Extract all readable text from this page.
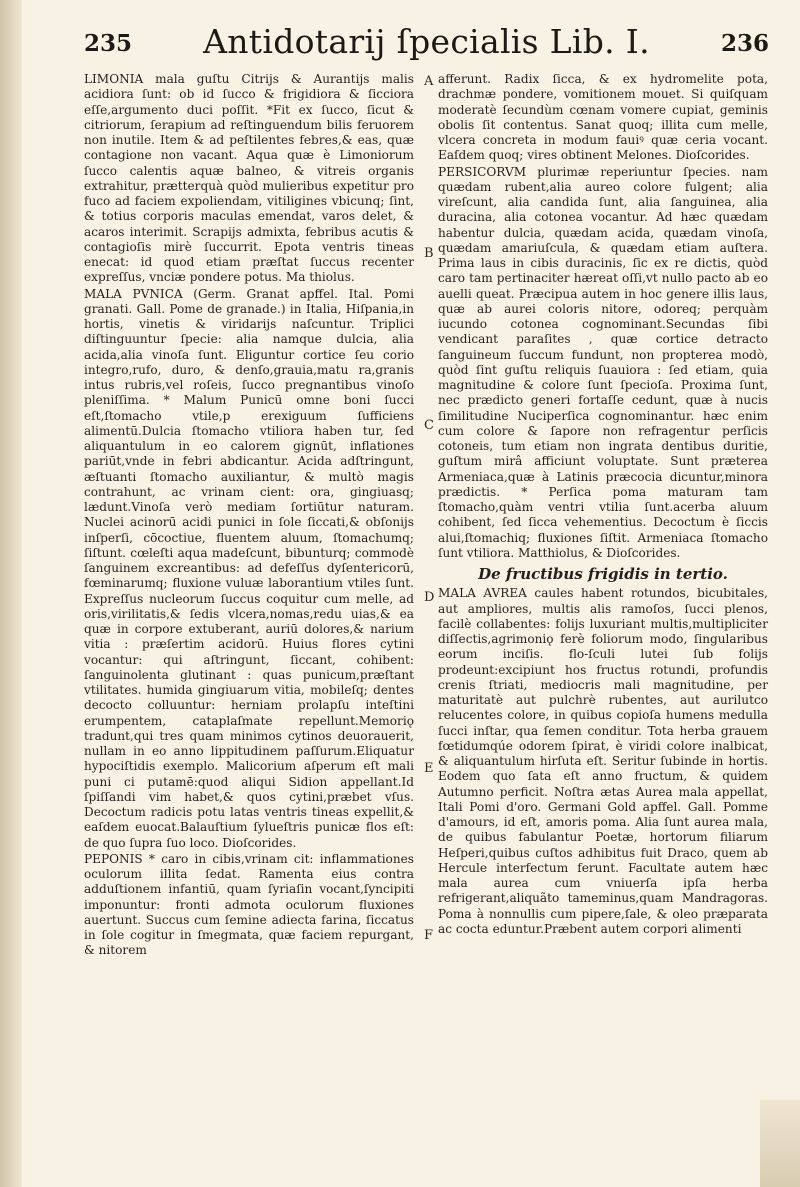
235	Antidotarij ſpecialis Lib. I.	236

LIMONIA mala guſtu Citrijs & Aurantijs malis acidiora ſunt: ob id ſucco & frigidiora & ſicciora eſſe,argumento duci poſſit. *Fit ex ſucco, ſicut & citriorum, ſerapium ad reſtinguendum bilis feruorem non inutile. Item & ad peſtilentes febres,& eas, quæ contagione non vacant. Aqua quæ è Limoniorum ſucco calentis aquæ balneo, & vitreis organis extrahitur, prætterquà quòd mulieribus expetitur pro fuco ad faciem expoliendam, vitiligines vbicunq; ſint, & totius corporis maculas emendat, varos delet, & acaros interimit. Scrapijs admixta, febribus acutis & contagioſis mirè ſuccurrit. Epota ventris tineas enecat: id quod etiam præſtat ſuccus recenter expreſſus, vnciæ pondere potus. Ma thiolus.

MALA PVNICA (Germ. Granat apffel. Ital. Pomi granati. Gall. Pome de granade.) in Italia, Hiſpania,in hortis, vinetis & viridarijs naſcuntur. Triplici diſtinguuntur ſpecie: alia namque dulcia, alia acida,alia vinoſa ſunt. Eliguntur cortice ſeu corio integro,rufo, duro, & denſo,grauia,matu ra,granis intus rubris,vel roſeis, ſucco pregnantibus vinoſo pleniſſima. * Malum Punicū omne boni ſucci eſt,ſtomacho vtile,p erexiguum ſufficiens alimentū.Dulcia ſtomacho vtiliora haben tur, ſed aliquantulum in eo calorem gignūt, inflationes pariūt,vnde in febri abdicantur. Acida adſtringunt, æſtuanti ſtomacho auxiliantur, & multò magis contrahunt, ac vrinam cient: ora, gingiuasq; lædunt.Vinoſa verò mediam ſortiūtur naturam. Nuclei acinorū acidi punici in ſole ſiccati,& obſonijs inſperſi, cōcoctiue, fluentem aluum, ſtomachumq; ſiſtunt. cœleſti aqua madeſcunt, bibunturq; commodè ſanguinem excreantibus: ad defeſſus dyſentericorū, fœminarumq; fluxione vuluæ laborantium vtiles ſunt. Expreſſus nucleorum ſuccus coquitur cum melle, ad oris,virilitatis,& ſedis vlcera,nomas,redu uias,& ea quæ in corpore extuberant, auriū dolores,& narium vitia : præſertim acidorū. Huius flores cytini vocantur: qui aſtringunt, ſiccant, cohibent: ſanguinolenta glutinant : quas punicum,præſtant vtilitates. humida gingiuarum vitia, mobileſq; dentes decocto colluuntur: herniam prolapſu inteſtini erumpentem, cataplaſmate repellunt.Memoriǫ tradunt,qui tres quam minimos cytinos deuorauerit, nullam in eo anno lippitudinem paſſurum.Eliquatur hypociſtidis exemplo. Malicorium aſperum eſt mali puni ci putamē:quod aliqui Sidion appellant.Id ſpiſſandi vim habet,& quos cytini,præbet vſus. Decoctum radicis potu latas ventris tineas expellit,& eaſdem euocat.Balauſtium ſylueſtris punicæ flos eſt: de quo ſupra ſuo loco. Dioſcorides.

PEPONIS * caro in cibis,vrinam cit: inflammationes oculorum illita ſedat. Ramenta eius contra adduſtionem infantiū, quam ſyriaſin vocant,ſyncipiti imponuntur: fronti admota oculorum fluxiones auertunt. Succus cum ſemine adiecta farina, ſiccatus in ſole cogitur in ſmegmata, quæ faciem repurgant, & nitorem

A
B
C
D
E
F

afferunt. Radix ſicca, & ex hydromelite pota, drachmæ pondere, vomitionem mouet. Si quiſquam moderatè ſecundùm cœnam vomere cupiat, geminis obolis ſit contentus. Sanat quoq; illita cum melle, vlcera concreta in modum fauiꝰ quæ ceria vocant. Eaſdem quoq; vires obtinent Melones. Dioſcorides.

PERSICORVM plurimæ reperiuntur ſpecies. nam quædam rubent,alia aureo colore fulgent; alia vireſcunt, alia candida ſunt, alia ſanguinea, alia duracina, alia cotonea vocantur. Ad hæc quædam habentur dulcia, quædam acida, quædam vinoſa, quædam amariuſcula, & quædam etiam auſtera. Prima laus in cibis duracinis, ſic ex re dictis, quòd caro tam pertinaciter hæreat oſſi,vt nullo pacto ab eo auelli queat. Præcipua autem in hoc genere illis laus, quæ ab aurei coloris nitore, odoreq; perquàm iucundo cotonea cognominant.Secundas ſibi vendicant paraſites , quæ cortice detracto ſanguineum ſuccum fundunt, non propterea modò, quòd ſint guſtu reliquis ſuauiora : ſed etiam, quia magnitudine & colore ſunt ſpecioſa. Proxima ſunt, nec prædicto generi fortaſſe cedunt, quæ à nucis ſimilitudine Nuciperſica cognominantur. hæc enim cum colore & ſapore non refragentur perſicis cotoneis, tum etiam non ingrata dentibus duritie, guſtum mirâ afficiunt voluptate. Sunt præterea Armeniaca,quæ à Latinis præcocia dicuntur,minora prædictis. * Perſica poma maturam tam ſtomacho,quàm ventri vtilia ſunt.acerba aluum cohibent, ſed ſicca vehementius. Decoctum è ſiccis alui,ſtomachiq; fluxiones ſiſtit. Armeniaca ſtomacho ſunt vtiliora. Matthiolus, & Dioſcorides.

De fructibus frigidis in tertio.

MALA AVREA caules habent rotundos, bicubitales, aut ampliores, multis alis ramoſos, ſucci plenos, facilè collabentes: folijs luxuriant multis,multipliciter diſſectis,agrimoniǫ ferè foliorum modo, ſingularibus eorum inciſis. flo-ſculi lutei ſub folijs prodeunt:excipiunt hos fructus rotundi, profundis crenis ſtriati, mediocris mali magnitudine, per maturitatè aut pulchrè rubentes, aut aurilutco relucentes colore, in quibus copioſa humens medulla ſucci inſtar, qua ſemen conditur. Tota herba grauem fœtidumqúe odorem ſpirat, è viridi colore inalbicat, & aliquantulum hirſuta eſt. Seritur ſubinde in hortis. Eodem quo ſata eſt anno fructum, & quidem Autumno perficit. Noſtra ætas Aurea mala appellat, Itali Pomi d'oro. Germani Gold apffel. Gall. Pomme d'amours, id eſt, amoris poma. Alia ſunt aurea mala, de quibus fabulantur Poetæ, hortorum filiarum Heſperi,quibus cuſtos adhibitus fuit Draco, quem ab Hercule interfectum ferunt. Facultate autem hæc mala aurea cum vniuerſa ipſa herba refrigerant,aliquãto tameminus,quam Mandragoras. Poma à nonnullis cum pipere,ſale, & oleo præparata ac cocta eduntur.Præbent autem corpori alimenti
